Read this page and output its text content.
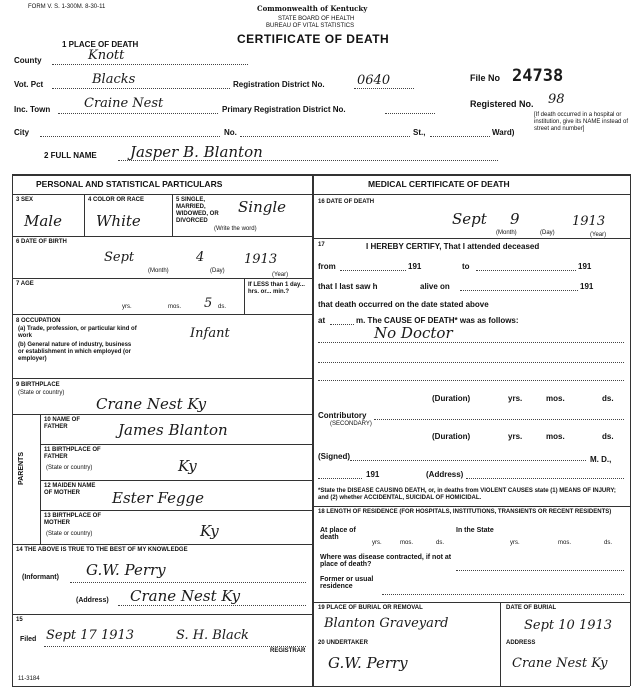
FORM V. S. 1-300M. 8-30-11	Commonwealth of Kentucky
STATE BOARD OF HEALTH
BUREAU OF VITAL STATISTICS
CERTIFICATE OF DEATH
1 PLACE OF DEATH
County	Knott
Vot. Pct	Blacks	Registration District No. 0640	File No 24738
Inc. Town	Craine Nest	Primary Registration District No.
Registered No. 98
[If death occurred in a hospital or institution, give its NAME instead of street and number]
City	No.	St.,	Ward)
2 FULL NAME Jasper B. Blanton
PERSONAL AND STATISTICAL PARTICULARS
3 SEX
Male
4 COLOR OR RACE
White
5 SINGLE, MARRIED, WIDOWED, OR DIVORCED
(Write the word)
Single
6 DATE OF BIRTH
Sept	4	1913
(Month)	(Day)
(Year)
7 AGE
yrs.	mos. 5 ds.
If LESS than 1 day... hrs. or... min.?
8 OCCUPATION
(a) Trade, profession, or particular kind of work
(b) General nature of industry, business or establishment in which employed (or employer)
Infant
9 BIRTHPLACE
(State or country)
Crane Nest Ky
PARENTS
10 NAME OF FATHER	James Blanton
11 BIRTHPLACE OF FATHER
(State or country)	Ky
12 MAIDEN NAME OF MOTHER	Ester Fegge
13 BIRTHPLACE OF MOTHER
(State or country)	Ky
14 THE ABOVE IS TRUE TO THE BEST OF MY KNOWLEDGE
(Informant) G.W. Perry
(Address) Crane Nest Ky
15
Filed Sept 17 1913	S. H. Black
REGISTRAR
11-3184
MEDICAL CERTIFICATE OF DEATH
16 DATE OF DEATH
Sept 9	1913
(Month)	(Day)	(Year)
17	I HEREBY CERTIFY, That I attended deceased
from	191	to	191
that I last saw h	alive on	191
that death occurred on the date stated above
at	m. The CAUSE OF DEATH* was as follows:
No Doctor
(Duration)	yrs.	mos.	ds.
Contributory
(SECONDARY)
(Duration)	yrs.	mos.	ds.
(Signed)	M. D.,
191	(Address)
*State the DISEASE CAUSING DEATH, or, in deaths from VIOLENT CAUSES state (1) MEANS OF INJURY; and (2) whether ACCIDENTAL, SUICIDAL OF HOMICIDAL.
18 LENGTH OF RESIDENCE (FOR HOSPITALS, INSTITUTIONS, TRANSIENTS OR RECENT RESIDENTS)
At place of death
yrs.	mos.	ds.
In the State
yrs.	mos.	ds.
Where was disease contracted, if not at place of death?
Former or usual residence
19 PLACE OF BURIAL OR REMOVAL
Blanton Graveyard
DATE OF BURIAL
Sept 10 1913
20 UNDERTAKER
G.W. Perry
ADDRESS
Crane Nest Ky
